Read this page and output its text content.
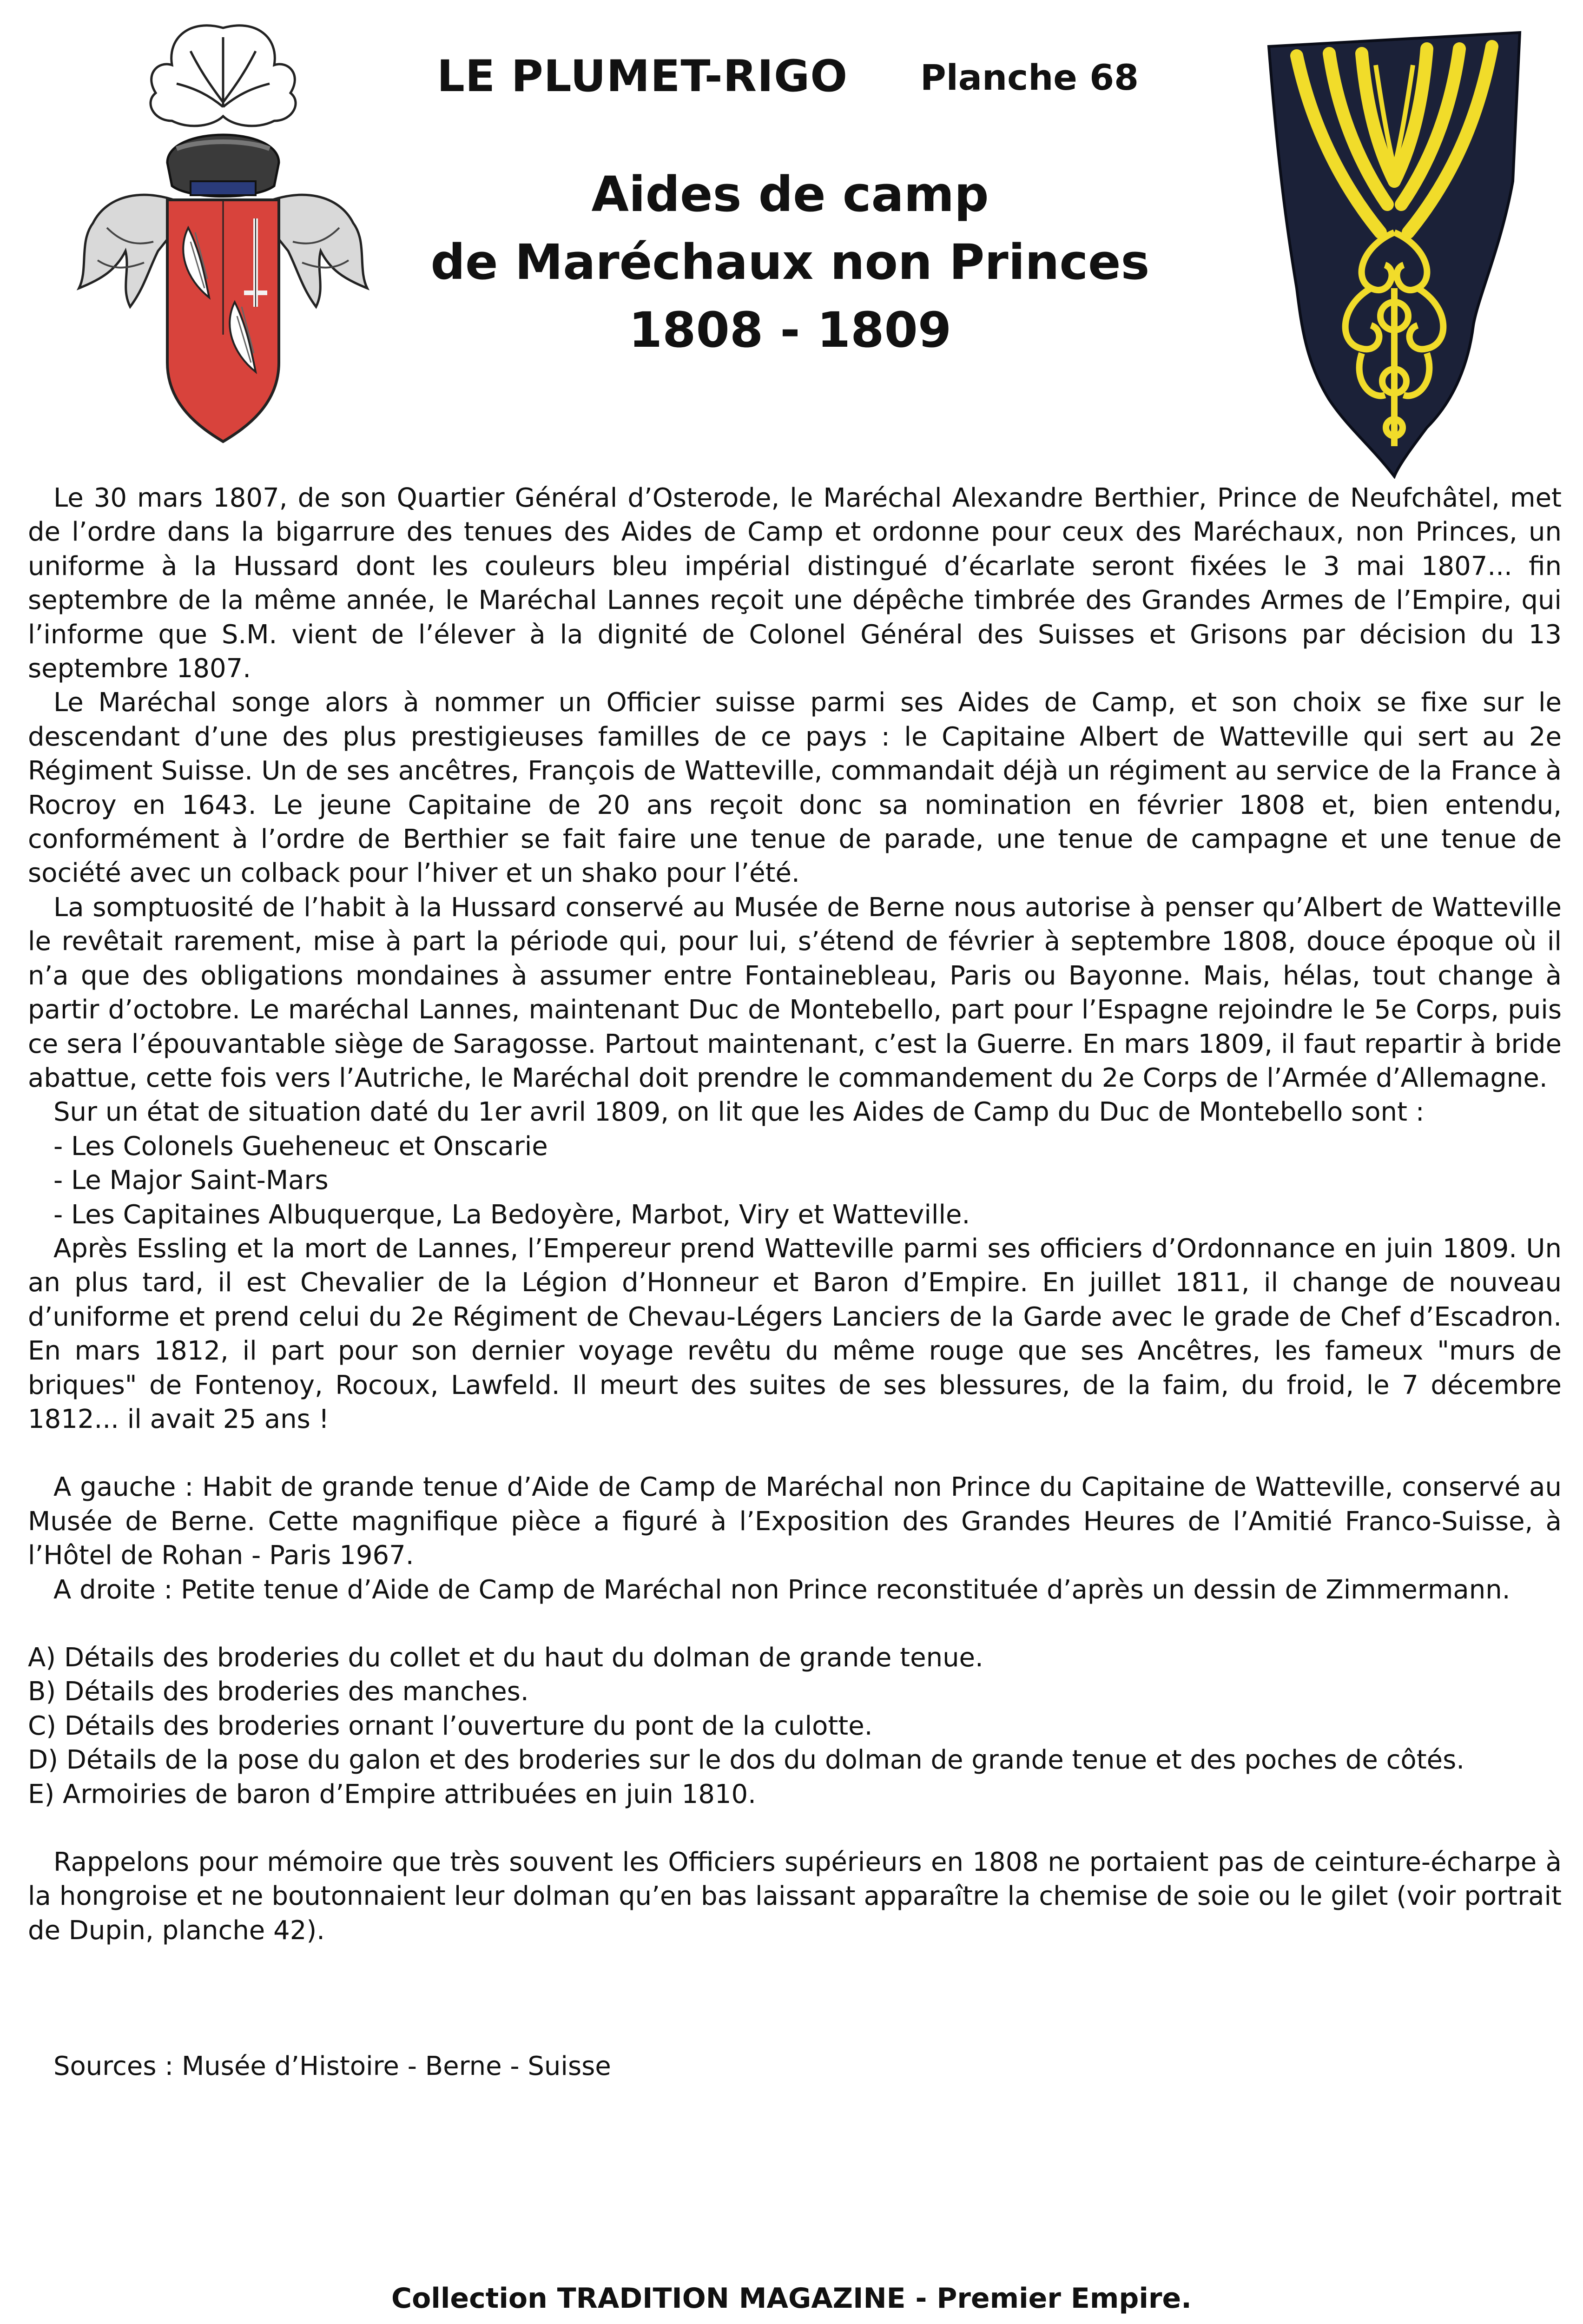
LE PLUMET-RIGO Planche 68
Aides de camp
de Maréchaux non Princes
1808 - 1809

Le 30 mars 1807, de son Quartier Général d’Osterode, le Maréchal Alexandre Berthier, Prince de Neufchâtel, met de l’ordre dans la bigarrure des tenues des Aides de Camp et ordonne pour ceux des Maréchaux, non Princes, un uniforme à la Hussard dont les couleurs bleu impérial distingué d’écarlate seront fixées le 3 mai 1807... fin septembre de la même année, le Maréchal Lannes reçoit une dépêche timbrée des Grandes Armes de l’Empire, qui l’informe que S.M. vient de l’élever à la dignité de Colonel Général des Suisses et Grisons par décision du 13 septembre 1807.

Le Maréchal songe alors à nommer un Officier suisse parmi ses Aides de Camp, et son choix se fixe sur le descendant d’une des plus prestigieuses familles de ce pays : le Capitaine Albert de Watteville qui sert au 2e Régiment Suisse. Un de ses ancêtres, François de Watteville, commandait déjà un régiment au service de la France à Rocroy en 1643. Le jeune Capitaine de 20 ans reçoit donc sa nomination en février 1808 et, bien entendu, conformément à l’ordre de Berthier se fait faire une tenue de parade, une tenue de campagne et une tenue de société avec un colback pour l’hiver et un shako pour l’été.

La somptuosité de l’habit à la Hussard conservé au Musée de Berne nous autorise à penser qu’Albert de Watteville le revêtait rarement, mise à part la période qui, pour lui, s’étend de février à septembre 1808, douce époque où il n’a que des obligations mondaines à assumer entre Fontainebleau, Paris ou Bayonne. Mais, hélas, tout change à partir d’octobre. Le maréchal Lannes, maintenant Duc de Montebello, part pour l’Espagne rejoindre le 5e Corps, puis ce sera l’épouvantable siège de Saragosse. Partout maintenant, c’est la Guerre. En mars 1809, il faut repartir à bride abattue, cette fois vers l’Autriche, le Maréchal doit prendre le commandement du 2e Corps de l’Armée d’Allemagne.

Sur un état de situation daté du 1er avril 1809, on lit que les Aides de Camp du Duc de Montebello sont :

- Les Colonels Gueheneuc et Onscarie

- Le Major Saint-Mars

- Les Capitaines Albuquerque, La Bedoyère, Marbot, Viry et Watteville.

Après Essling et la mort de Lannes, l’Empereur prend Watteville parmi ses officiers d’Ordonnance en juin 1809. Un an plus tard, il est Chevalier de la Légion d’Honneur et Baron d’Empire. En juillet 1811, il change de nouveau d’uniforme et prend celui du 2e Régiment de Chevau-Légers Lanciers de la Garde avec le grade de Chef d’Escadron. En mars 1812, il part pour son dernier voyage revêtu du même rouge que ses Ancêtres, les fameux "murs de briques" de Fontenoy, Rocoux, Lawfeld. Il meurt des suites de ses blessures, de la faim, du froid, le 7 décembre 1812... il avait 25 ans !

A gauche : Habit de grande tenue d’Aide de Camp de Maréchal non Prince du Capitaine de Watteville, conservé au Musée de Berne. Cette magnifique pièce a figuré à l’Exposition des Grandes Heures de l’Amitié Franco-Suisse, à l’Hôtel de Rohan - Paris 1967.

A droite : Petite tenue d’Aide de Camp de Maréchal non Prince reconstituée d’après un dessin de Zimmermann.

A) Détails des broderies du collet et du haut du dolman de grande tenue.

B) Détails des broderies des manches.

C) Détails des broderies ornant l’ouverture du pont de la culotte.

D) Détails de la pose du galon et des broderies sur le dos du dolman de grande tenue et des poches de côtés.

E) Armoiries de baron d’Empire attribuées en juin 1810.

Rappelons pour mémoire que très souvent les Officiers supérieurs en 1808 ne portaient pas de ceinture-écharpe à la hongroise et ne boutonnaient leur dolman qu’en bas laissant apparaître la chemise de soie ou le gilet (voir portrait de Dupin, planche 42).

Sources : Musée d’Histoire - Berne - Suisse

Collection TRADITION MAGAZINE - Premier Empire.
